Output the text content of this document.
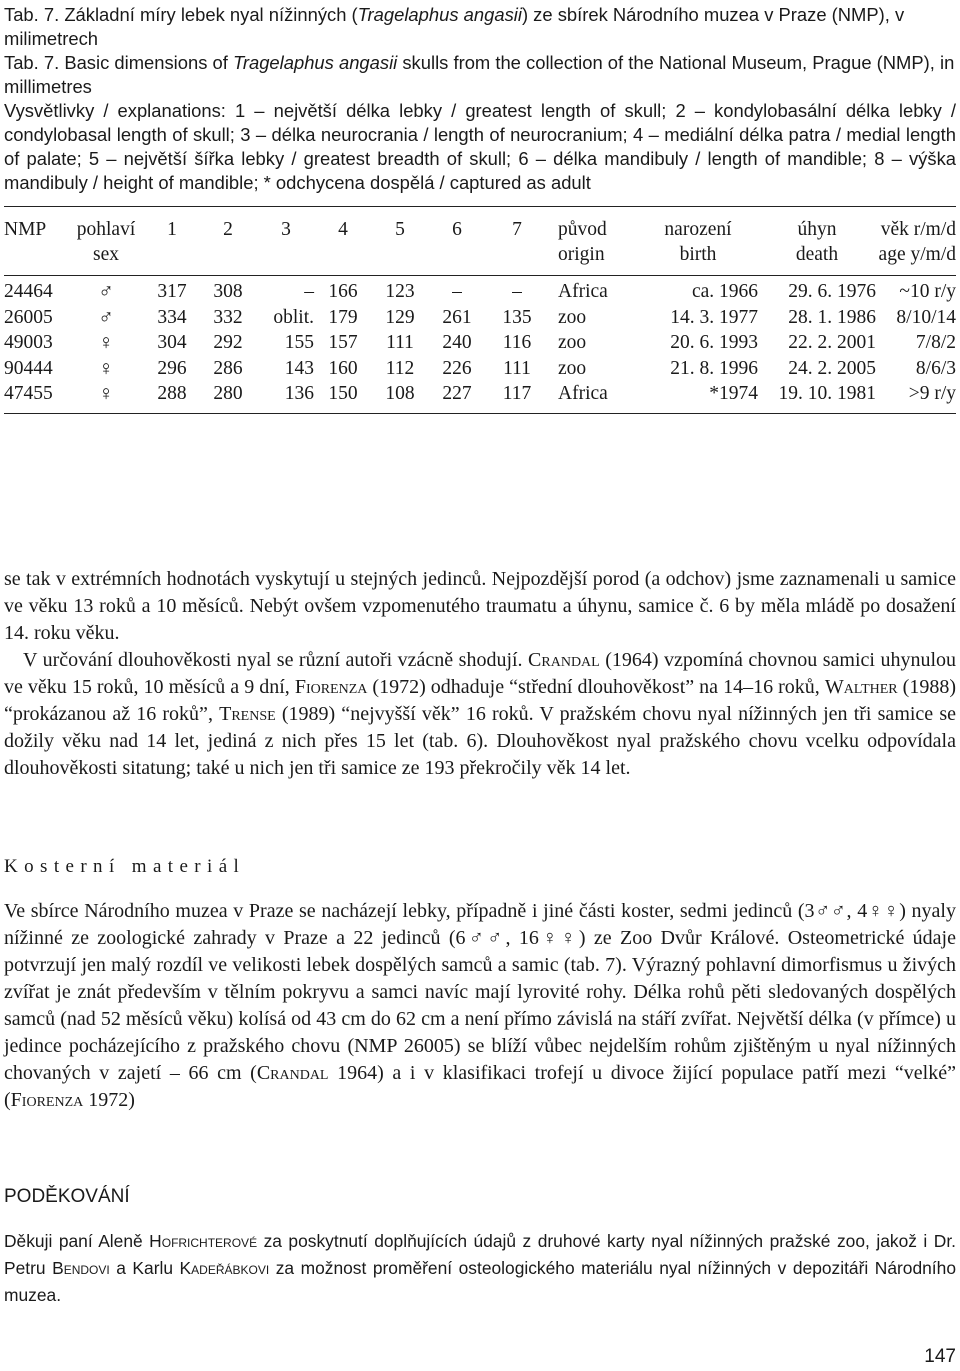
Tab. 7. Základní míry lebek nyal nížinných (Tragelaphus angasii) ze sbírek Národního muzea v Praze (NMP), v milimetrech

Tab. 7. Basic dimensions of Tragelaphus angasii skulls from the collection of the National Museum, Prague (NMP), in millimetres

Vysvětlivky / explanations: 1 – největší délka lebky / greatest length of skull; 2 – kondylobasální délka lebky / condylobasal length of skull; 3 – délka neurocrania / length of neurocranium; 4 – mediální délka patra / medial length of palate; 5 – největší šířka lebky / greatest breadth of skull; 6 – délka mandibuly / length of mandible; 8 – výška mandibuly / height of mandible; * odchycena dospělá / captured as adult

NMP	pohlaví	1	2	3	4	5	6	7	původ	narození	úhyn	věk r/m/d
	sex								origin	birth	death	age y/m/d

24464	♂	317	308	–	166	123	–	–	Africa	ca. 1966	29. 6. 1976	~10 r/y
26005	♂	334	332	oblit.	179	129	261	135	zoo	14. 3. 1977	28. 1. 1986	8/10/14
49003	♀	304	292	155	157	111	240	116	zoo	20. 6. 1993	22. 2. 2001	7/8/2
90444	♀	296	286	143	160	112	226	111	zoo	21. 8. 1996	24. 2. 2005	8/6/3
47455	♀	288	280	136	150	108	227	117	Africa	*1974	19. 10. 1981	>9 r/y

se tak v extrémních hodnotách vyskytují u stejných jedinců. Nejpozdější porod (a odchov) jsme zaznamenali u samice ve věku 13 roků a 10 měsíců. Nebýt ovšem vzpomenutého traumatu a úhynu, samice č. 6 by měla mládě po dosažení 14. roku věku.

V určování dlouhověkosti nyal se různí autoři vzácně shodují. Crandal (1964) vzpomíná chovnou samici uhynulou ve věku 15 roků, 10 měsíců a 9 dní, Fiorenza (1972) odhaduje “střední dlouhověkost” na 14–16 roků, Walther (1988) “prokázanou až 16 roků”, Trense (1989) “nejvyšší věk” 16 roků. V pražském chovu nyal nížinných jen tři samice se dožily věku nad 14 let, jediná z nich přes 15 let (tab. 6). Dlouhověkost nyal pražského chovu vcelku odpovídala dlouhověkosti sitatung; také u nich jen tři samice ze 193 překročily věk 14 let.

Kosterní materiál

Ve sbírce Národního muzea v Praze se nacházejí lebky, případně i jiné části koster, sedmi jedinců (3♂♂, 4♀♀) nyaly nížinné ze zoologické zahrady v Praze a 22 jedinců (6♂♂, 16♀♀) ze Zoo Dvůr Králové. Osteometrické údaje potvrzují jen malý rozdíl ve velikosti lebek dospělých samců a samic (tab. 7). Výrazný pohlavní dimorfismus u živých zvířat je znát především v tělním pokryvu a samci navíc mají lyrovité rohy. Délka rohů pěti sledovaných dospělých samců (nad 52 měsíců věku) kolísá od 43 cm do 62 cm a není přímo závislá na stáří zvířat. Největší délka (v přímce) u jedince pocházejícího z pražského chovu (NMP 26005) se blíží vůbec nejdelším rohům zjištěným u nyal nížinných chovaných v zajetí – 66 cm (Crandal 1964) a i v klasifikaci trofejí u divoce žijící populace patří mezi “velké” (Fiorenza 1972)

PODĚKOVÁNÍ

Děkuji paní Aleně Hofrichterové za poskytnutí doplňujících údajů z druhové karty nyal nížinných pražské zoo, jakož i Dr. Petru Bendovi a Karlu Kadeřábkovi za možnost proměření osteologického materiálu nyal nížinných v depozitáři Národního muzea.

147
